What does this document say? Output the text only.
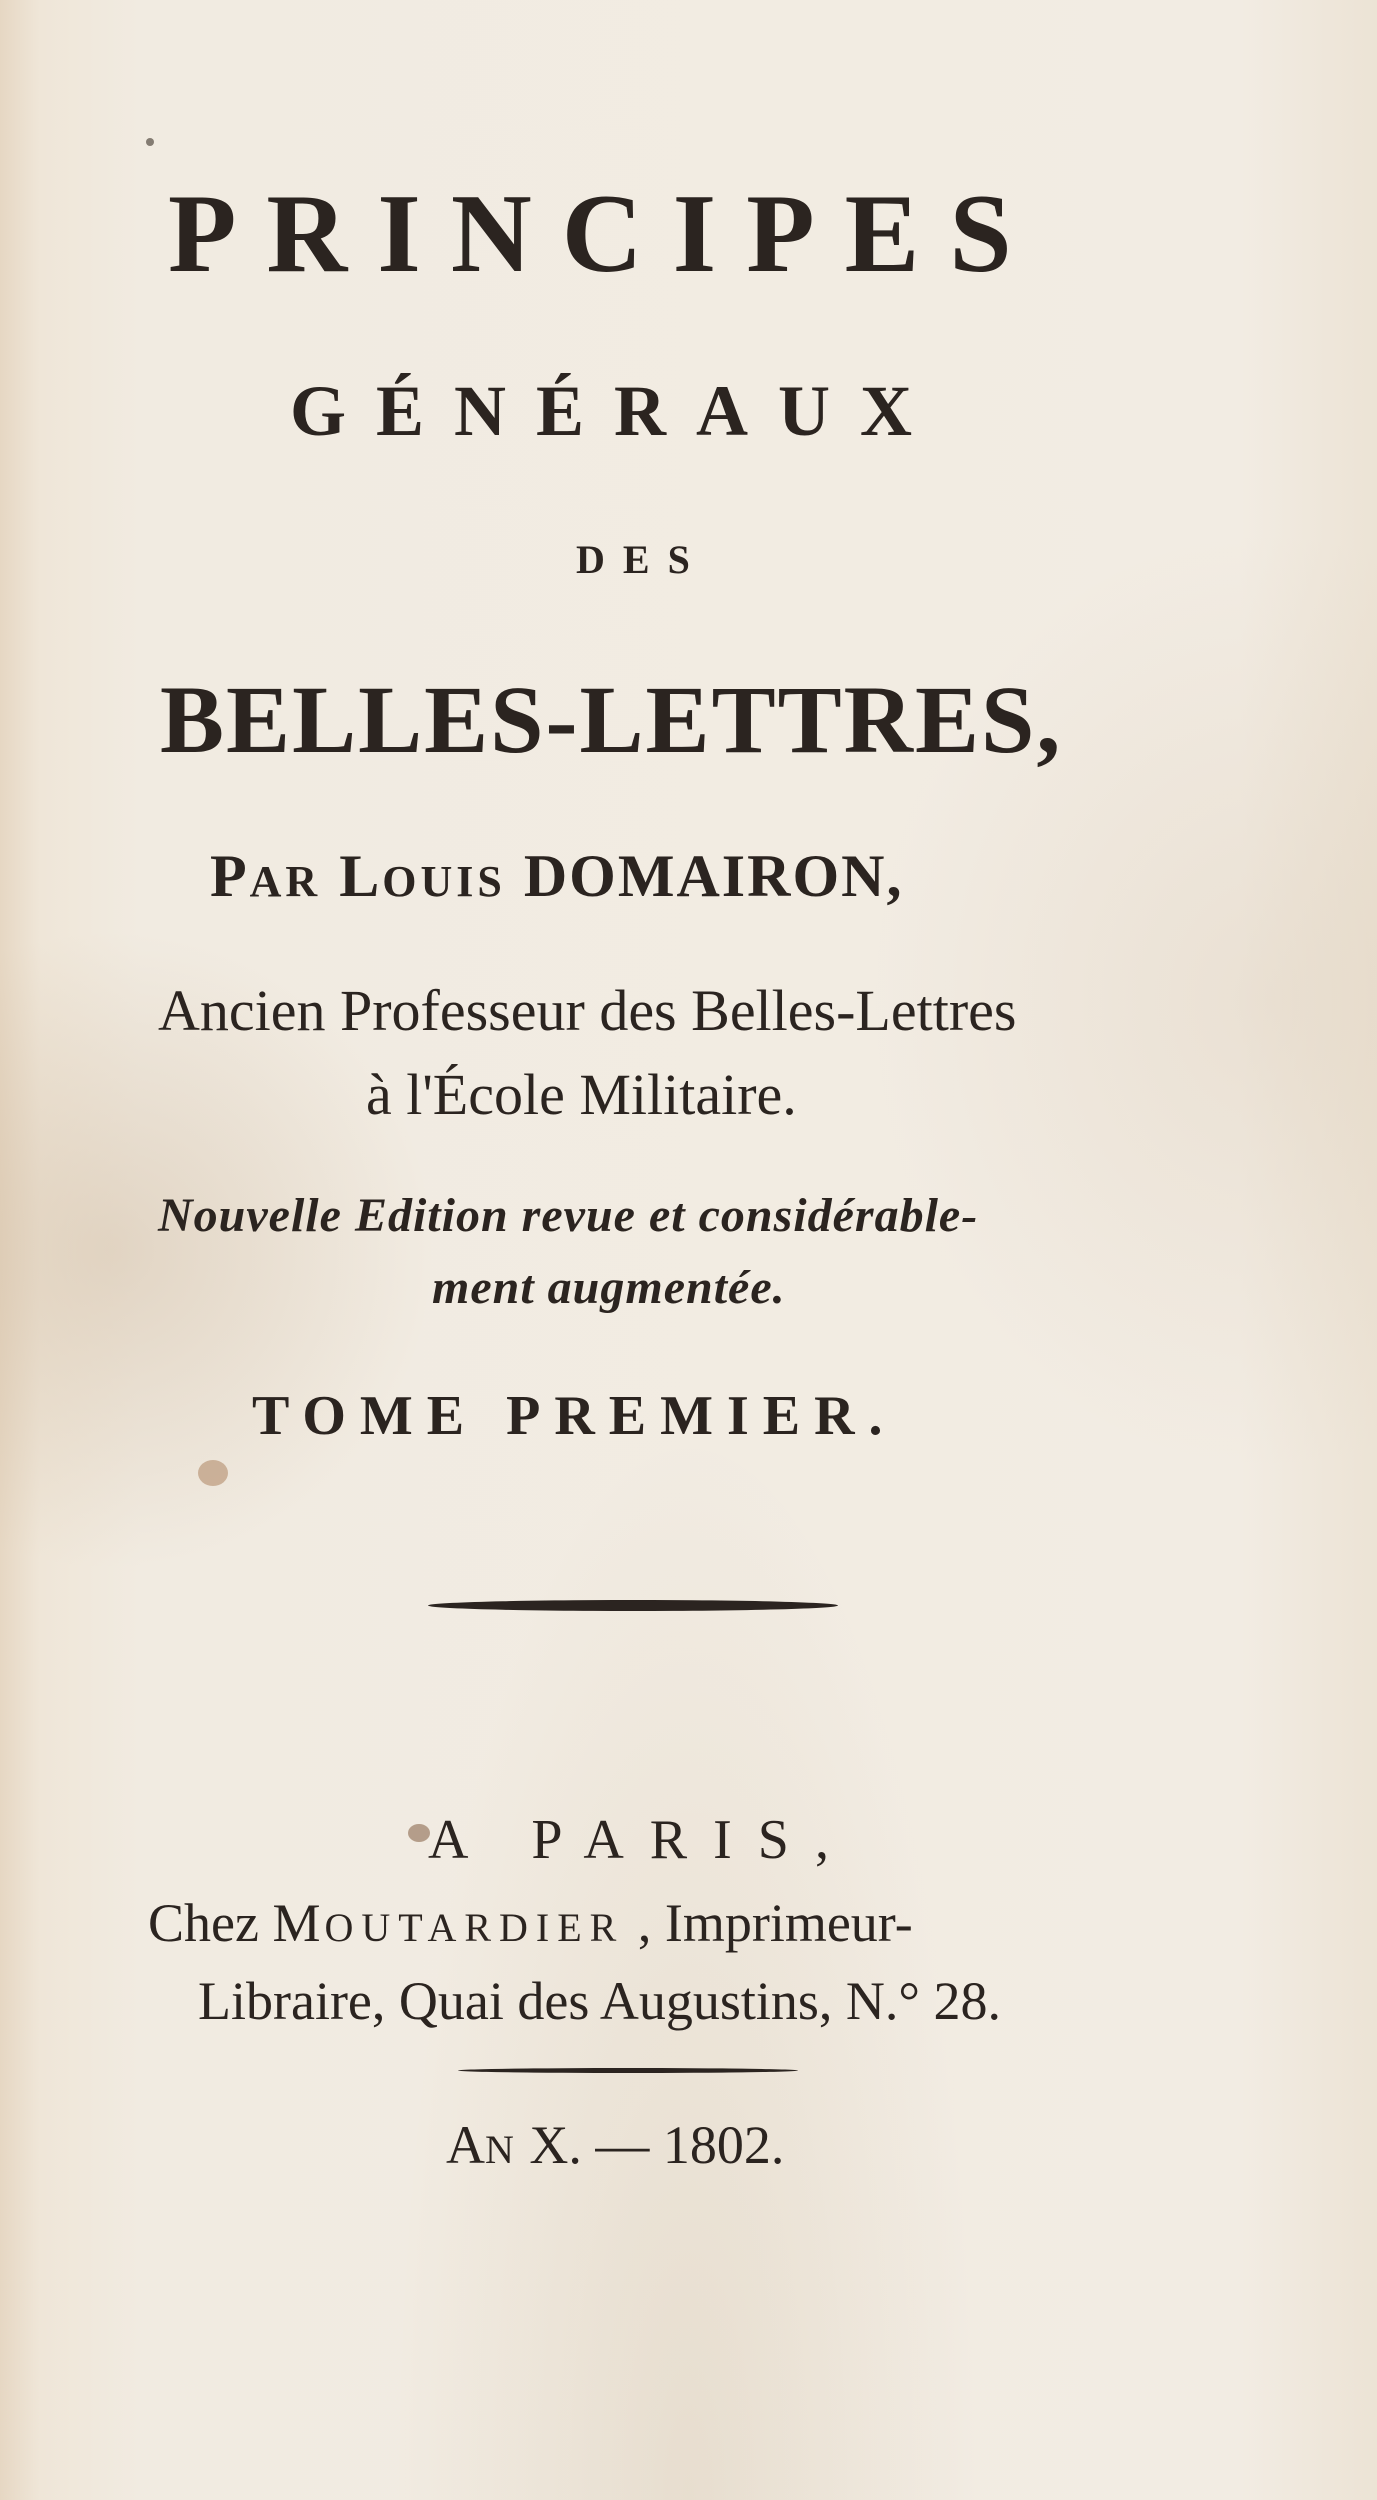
PRINCIPES
GÉNÉRAUX
DES
BELLES-LETTRES,
PAR LOUIS DOMAIRON,
Ancien Professeur des Belles-Lettres
à l'École Militaire.
Nouvelle Edition revue et considérable-
ment augmentée.
TOME PREMIER.
A PARIS,
Chez MOUTARDIER , Imprimeur-
Libraire, Quai des Augustins, N.° 28.
AN X. — 1802.
